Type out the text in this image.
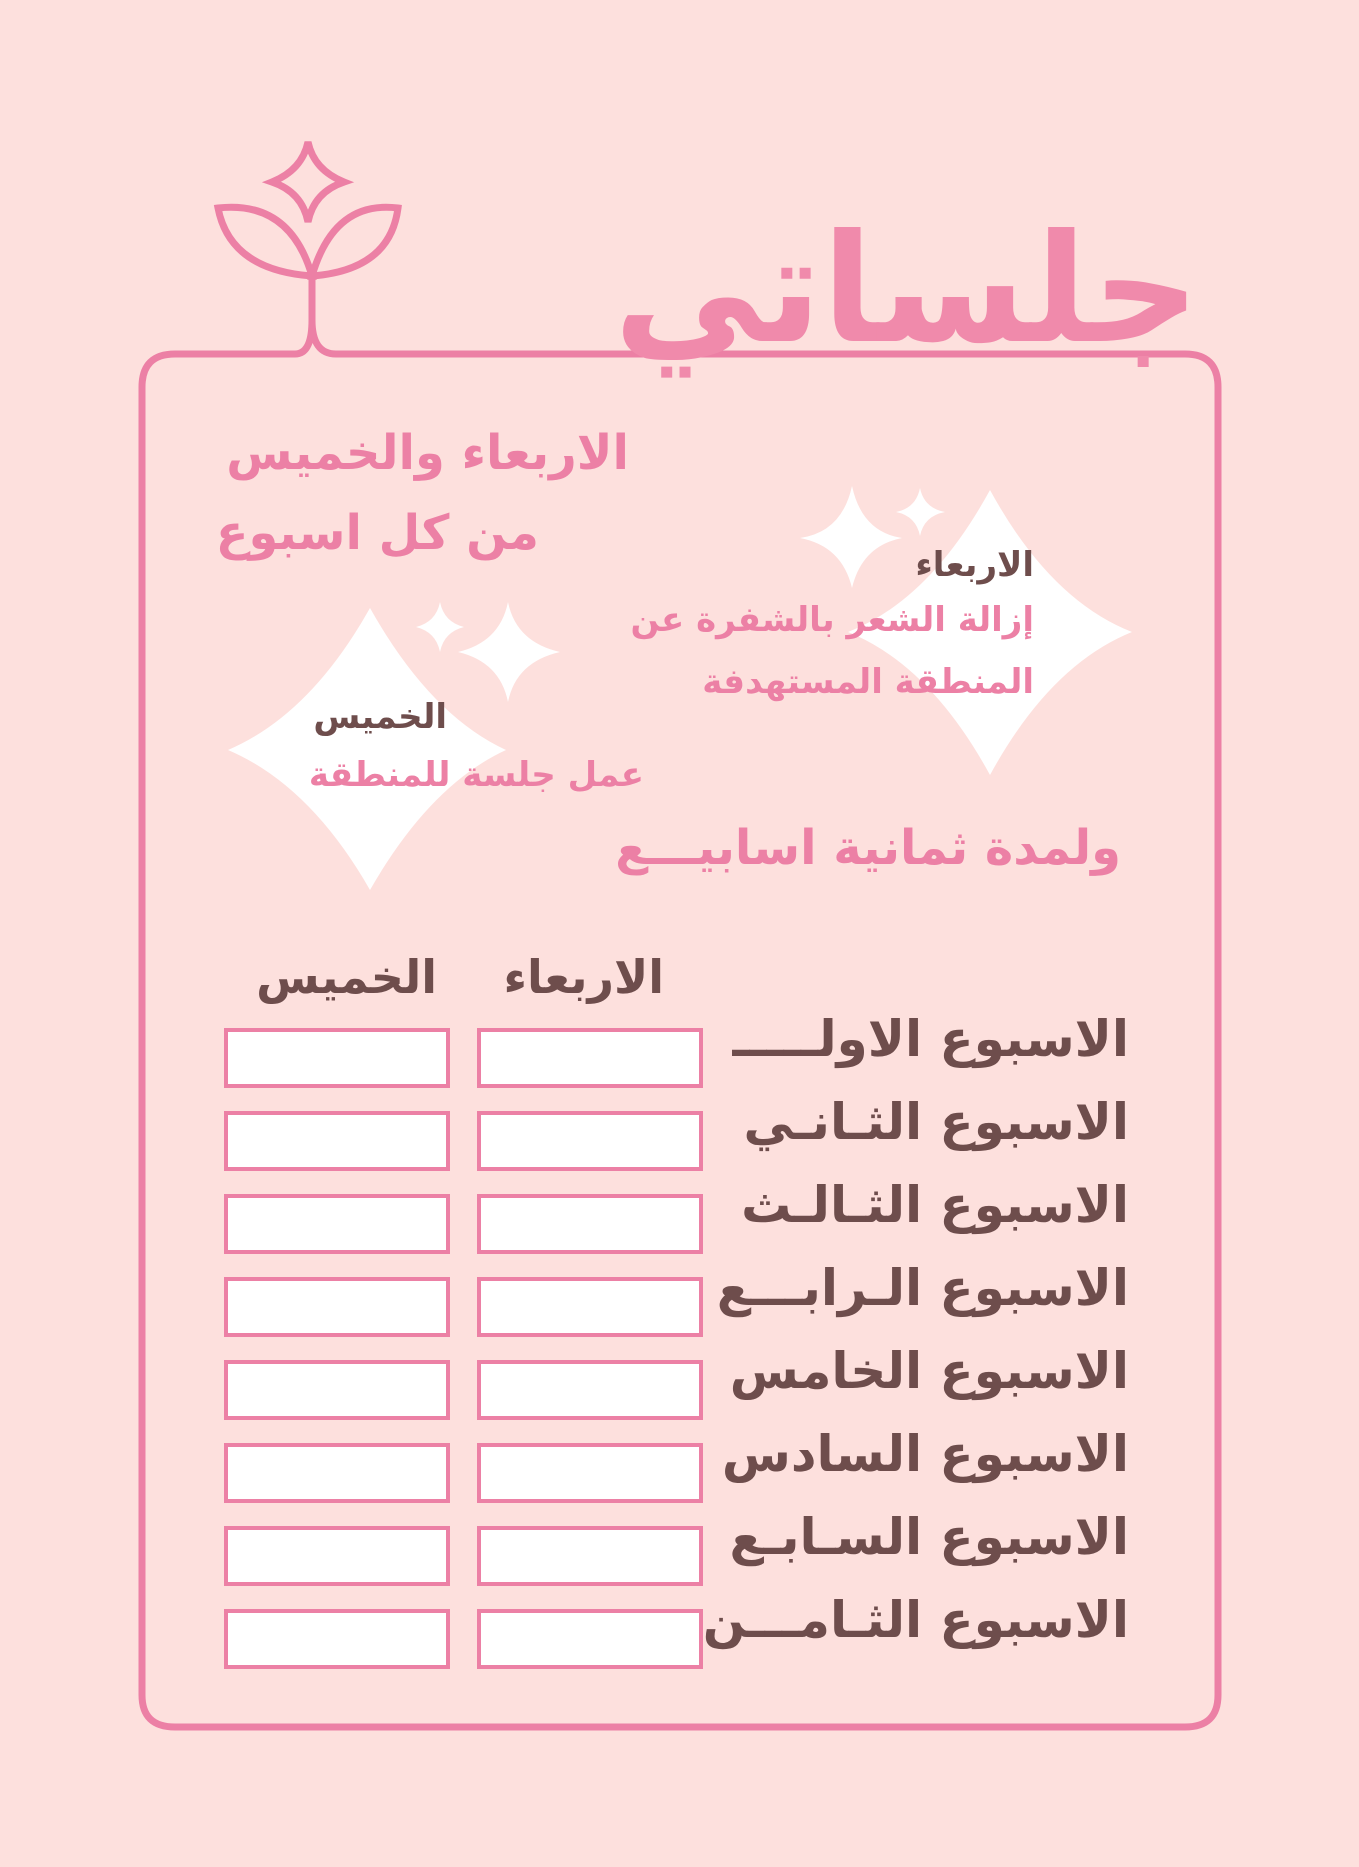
جلساتي
الاربعاء والخميس
من كل اسبوع
الاربعاء
إزالة الشعر بالشفرة عن
المنطقة المستهدفة
الخميس
عمل جلسة للمنطقة
ولمدة ثمانية اسابيـــع
الاربعاء
الخميس
الاسبوع الاولـــــ
الاسبوع الثـانـي
الاسبوع الثـالـث
الاسبوع الـرابـــع
الاسبوع الخامس
الاسبوع السادس
الاسبوع السـابـع
الاسبوع الثـامـــن
